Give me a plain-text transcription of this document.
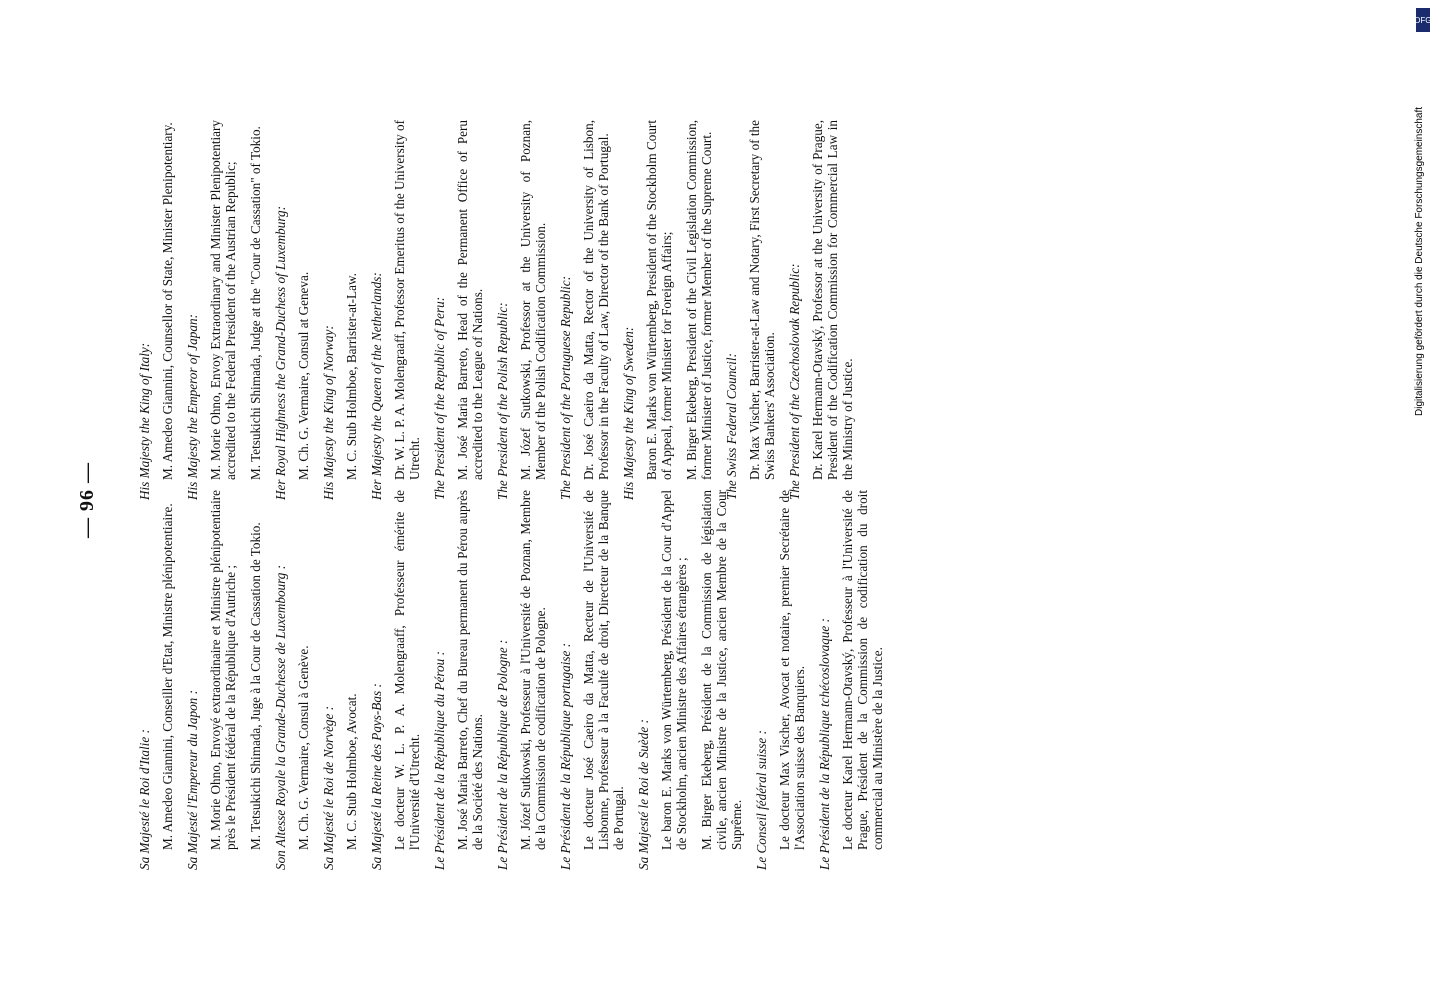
— 96 —
Sa Majesté le Roi d'Italie : M. Amedeo Giannini, Conseiller d'Etat, Ministre plénipotentiaire. Sa Majesté l'Empereur du Japon : M. Morie Ohno, Envoyé extraordinaire et Ministre plénipotentiaire près le Président fédéral de la République d'Autriche ; M. Tetsukichi Shimada, Juge à la Cour de Cassation de Tokio. Son Altesse Royale la Grande-Duchesse de Luxembourg : M. Ch. G. Vermaire, Consul à Genève. Sa Majesté le Roi de Norvège : M. C. Stub Holmboe, Avocat. Sa Majesté la Reine des Pays-Bas : Le docteur W. L. P. A. Molengraaff, Professeur émérite de l'Université d'Utrecht. Le Président de la République du Pérou : M. José Maria Barreto, Chef du Bureau permanent du Pérou auprès de la Société des Nations. Le Président de la République de Pologne : M. Józef Sutkowski, Professeur à l'Université de Poznan, Membre de la Commission de codification de Pologne. Le Président de la République portugaise : Le docteur José Caeiro da Matta, Recteur de l'Université de Lisbonne, Professeur à la Faculté de droit, Directeur de la Banque de Portugal. Sa Majesté le Roi de Suède : Le baron E. Marks von Würtemberg, Président de la Cour d'Appel de Stockholm, ancien Ministre des Affaires étrangères ; M. Birger Ekeberg, Président de la Commission de législation civile, ancien Ministre de la Justice, ancien Membre de la Cour Suprême. Le Conseil fédéral suisse : Le docteur Max Vischer, Avocat et notaire, premier Secrétaire de l'Association suisse des Banquiers. Le Président de la République tchécoslovaque : Le docteur Karel Hermann-Otavský, Professeur à l'Université de Prague, Président de la Commission de codification du droit commercial au Ministère de la Justice.
His Majesty the King of Italy: M. Amedeo Giannini, Counsellor of State, Minister Plenipotentiary. His Majesty the Emperor of Japan: M. Morie Ohno, Envoy Extraordinary and Minister Plenipotentiary accredited to the Federal President of the Austrian Republic; M. Tetsukichi Shimada, Judge at the "Cour de Cassation" of Tokio. Her Royal Highness the Grand-Duchess of Luxemburg: M. Ch. G. Vermaire, Consul at Geneva. His Majesty the King of Norway: M. C. Stub Holmboe, Barrister-at-Law. Her Majesty the Queen of the Netherlands: Dr. W. L. P. A. Molengraaff, Professor Emeritus of the University of Utrecht. The President of the Republic of Peru: M. José Maria Barreto, Head of the Permanent Office of Peru accredited to the League of Nations. The President of the Polish Republic: M. Józef Sutkowski, Professor at the University of Poznan, Member of the Polish Codification Commission. The President of the Portuguese Republic: Dr. José Caeiro da Matta, Rector of the University of Lisbon, Professor in the Faculty of Law, Director of the Bank of Portugal. His Majesty the King of Sweden: Baron E. Marks von Würtemberg, President of the Stockholm Court of Appeal, former Minister for Foreign Affairs; M. Birger Ekeberg, President of the Civil Legislation Commission, former Minister of Justice, former Member of the Supreme Court. The Swiss Federal Council: Dr. Max Vischer, Barrister-at-Law and Notary, First Secretary of the Swiss Bankers' Association. The President of the Czechoslovak Republic: Dr. Karel Hermann-Otavský, Professor at the University of Prague, President of the Codification Commission for Commercial Law in the Ministry of Justice.
DFG
Digitalisierung gefördert durch die Deutsche Forschungsgemeinschaft
